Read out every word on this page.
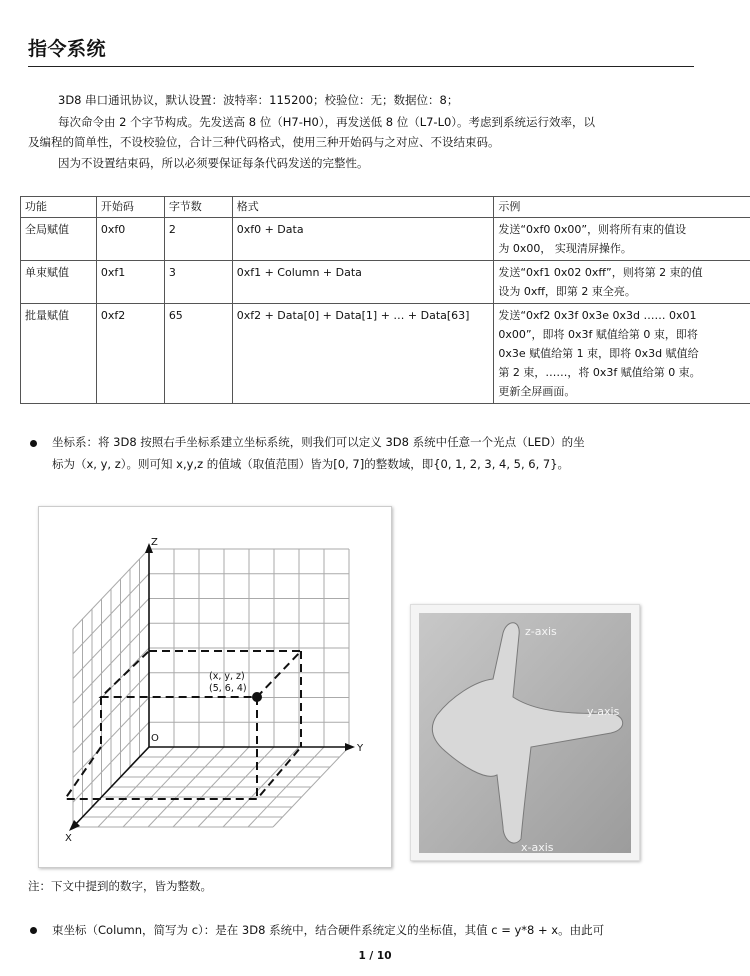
指令系统
3D8 串口通讯协议，默认设置：波特率：115200；校验位：无；数据位：8；
每次命令由 2 个字节构成。先发送高 8 位（H7-H0），再发送低 8 位（L7-L0）。考虑到系统运行效率，以
及编程的简单性，不设校验位，合计三种代码格式，使用三种开始码与之对应、不设结束码。
因为不设置结束码，所以必须要保证每条代码发送的完整性。
功能	开始码	字节数	格式	示例
全局赋值	0xf0	2	0xf0 + Data	发送“0xf0 0x00”，则将所有束的值设
为 0x00， 实现清屏操作。

单束赋值	0xf1	3	0xf1 + Column + Data	发送“0xf1 0x02 0xff”，则将第 2 束的值
设为 0xff，即第 2 束全亮。

批量赋值	0xf2	65	0xf2 + Data[0] + Data[1] + … + Data[63]	发送“0xf2 0x3f 0x3e 0x3d …… 0x01
0x00”，即将 0x3f 赋值给第 0 束，即将
0x3e 赋值给第 1 束，即将 0x3d 赋值给
第 2 束，……，将 0x3f 赋值给第 0 束。
更新全屏画面。
坐标系：将 3D8 按照右手坐标系建立坐标系统，则我们可以定义 3D8 系统中任意一个光点（LED）的坐
标为（x, y, z）。则可知 x,y,z 的值域（取值范围）皆为[0, 7]的整数域，即{0, 1, 2, 3, 4, 5, 6, 7}。
Z
Y
X
O
(x, y, z)
(5, 6, 4)
z-axis
y-axis
x-axis
注：下文中提到的数字，皆为整数。
束坐标（Column，简写为 c）：是在 3D8 系统中，结合硬件系统定义的坐标值，其值 c = y*8 + x。由此可
1 / 10
